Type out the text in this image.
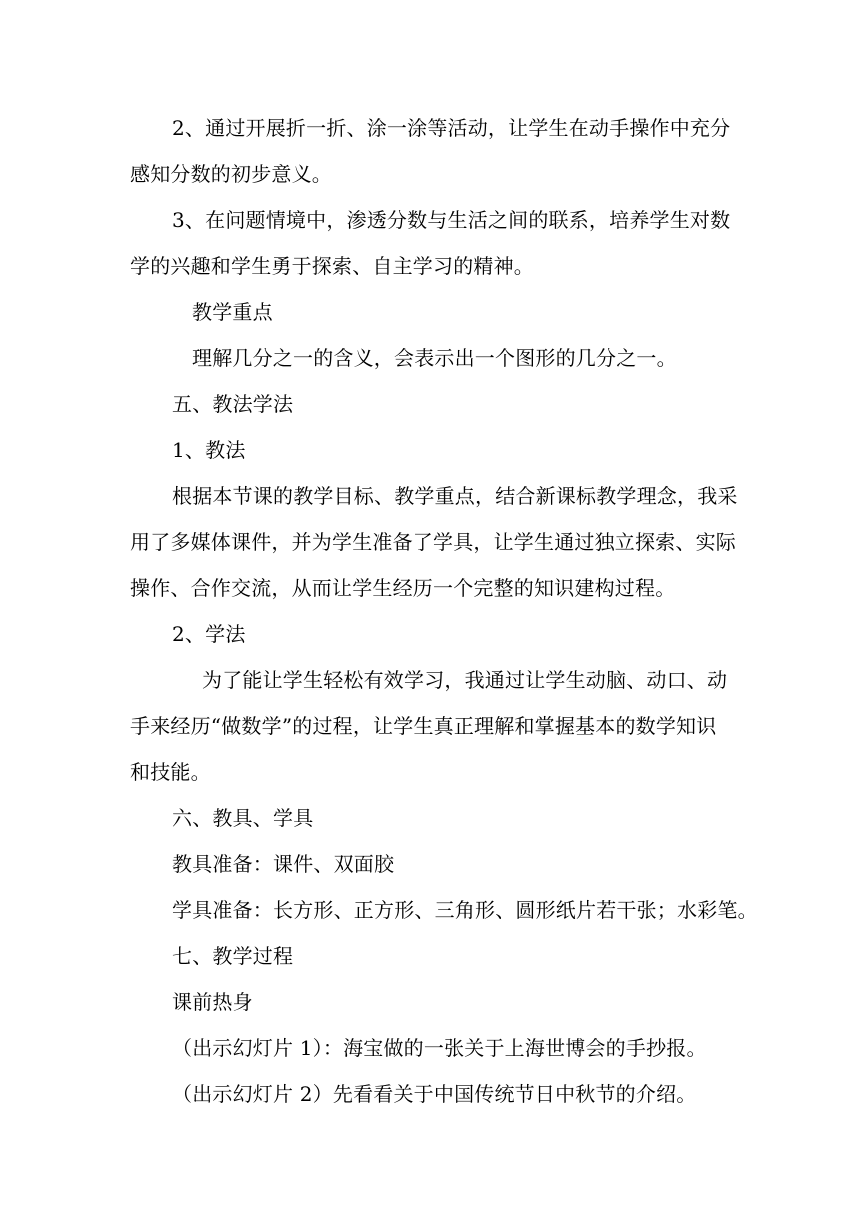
2、通过开展折一折、涂一涂等活动，让学生在动手操作中充分
感知分数的初步意义。
3、在问题情境中，渗透分数与生活之间的联系，培养学生对数
学的兴趣和学生勇于探索、自主学习的精神。
教学重点
理解几分之一的含义，会表示出一个图形的几分之一。
五、教法学法
1、教法
根据本节课的教学目标、教学重点，结合新课标教学理念，我采
用了多媒体课件，并为学生准备了学具，让学生通过独立探索、实际
操作、合作交流，从而让学生经历一个完整的知识建构过程。
2、学法
为了能让学生轻松有效学习，我通过让学生动脑、动口、动
手来经历“做数学”的过程，让学生真正理解和掌握基本的数学知识
和技能。
六、教具、学具
教具准备：课件、双面胶
学具准备：长方形、正方形、三角形、圆形纸片若干张；水彩笔。
七、教学过程
课前热身
（出示幻灯片 1）：海宝做的一张关于上海世博会的手抄报。
（出示幻灯片 2）先看看关于中国传统节日中秋节的介绍。
